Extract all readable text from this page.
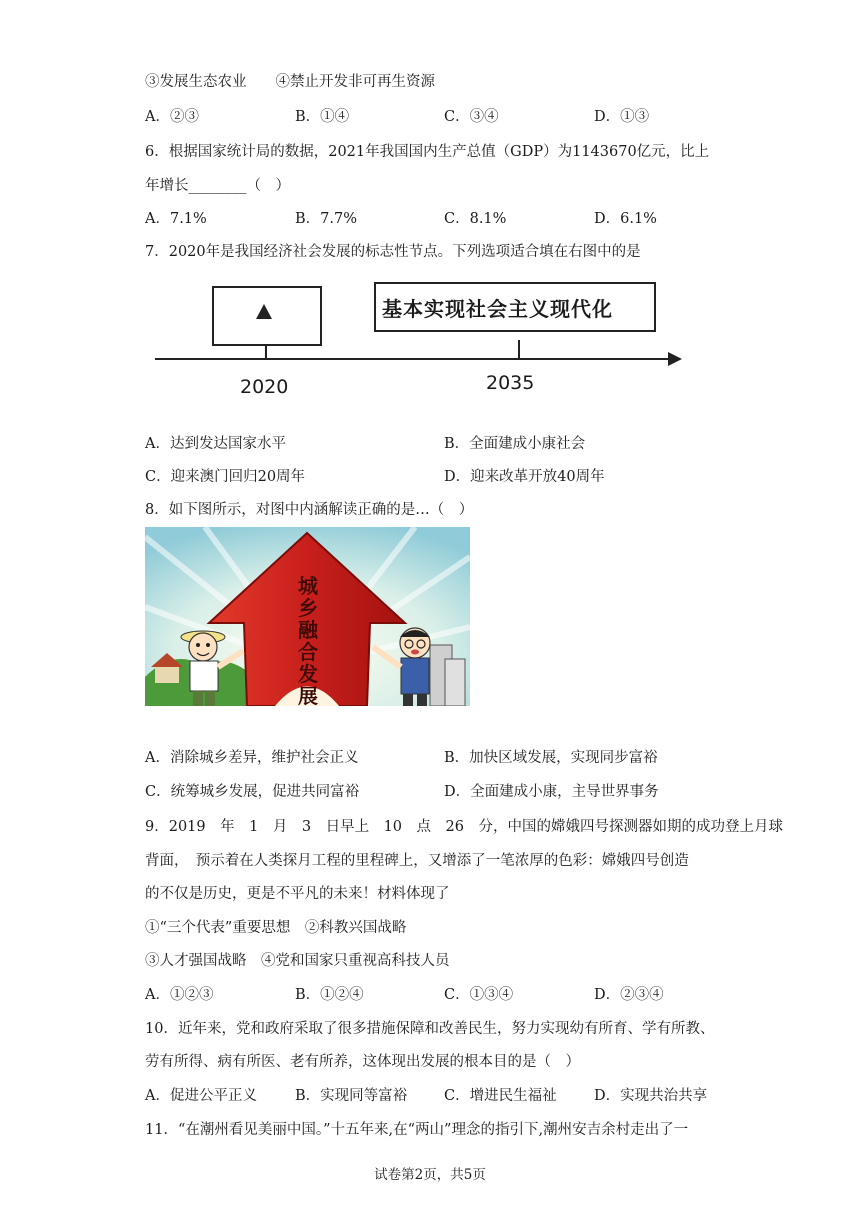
③发展生态农业　　④禁止开发非可再生资源
A．②③	B．①④	C．③④	D．①③
6．根据国家统计局的数据，2021年我国国内生产总值（GDP）为1143670亿元，比上
年增长________（　）
A．7.1%	B．7.7%	C．8.1%	D．6.1%
7．2020年是我国经济社会发展的标志性节点。下列选项适合填在右图中的是
基本实现社会主义现代化
2020	2035
A．达到发达国家水平	B．全面建成小康社会
C．迎来澳门回归20周年	D．迎来改革开放40周年
8．如下图所示，对图中内涵解读正确的是…（　）
城
乡
融
合
发
展
A．消除城乡差异，维护社会正义	B．加快区域发展，实现同步富裕
C．统筹城乡发展，促进共同富裕	D．全面建成小康，主导世界事务
9．2019　年　1　月　3　日早上　10　点　26　分，中国的嫦娥四号探测器如期的成功登上月球
背面，　预示着在人类探月工程的里程碑上，又增添了一笔浓厚的色彩：嫦娥四号创造
的不仅是历史，更是不平凡的未来！材料体现了
①“三个代表”重要思想　②科教兴国战略
③人才强国战略　④党和国家只重视高科技人员
A．①②③	B．①②④	C．①③④	D．②③④
10．近年来，党和政府采取了很多措施保障和改善民生，努力实现幼有所育、学有所教、
劳有所得、病有所医、老有所养，这体现出发展的根本目的是（　）
A．促进公平正义	B．实现同等富裕	C．增进民生福祉	D．实现共治共享
11．“在潮州看见美丽中国。”十五年来,在“两山”理念的指引下,潮州安吉余村走出了一
试卷第2页，共5页
